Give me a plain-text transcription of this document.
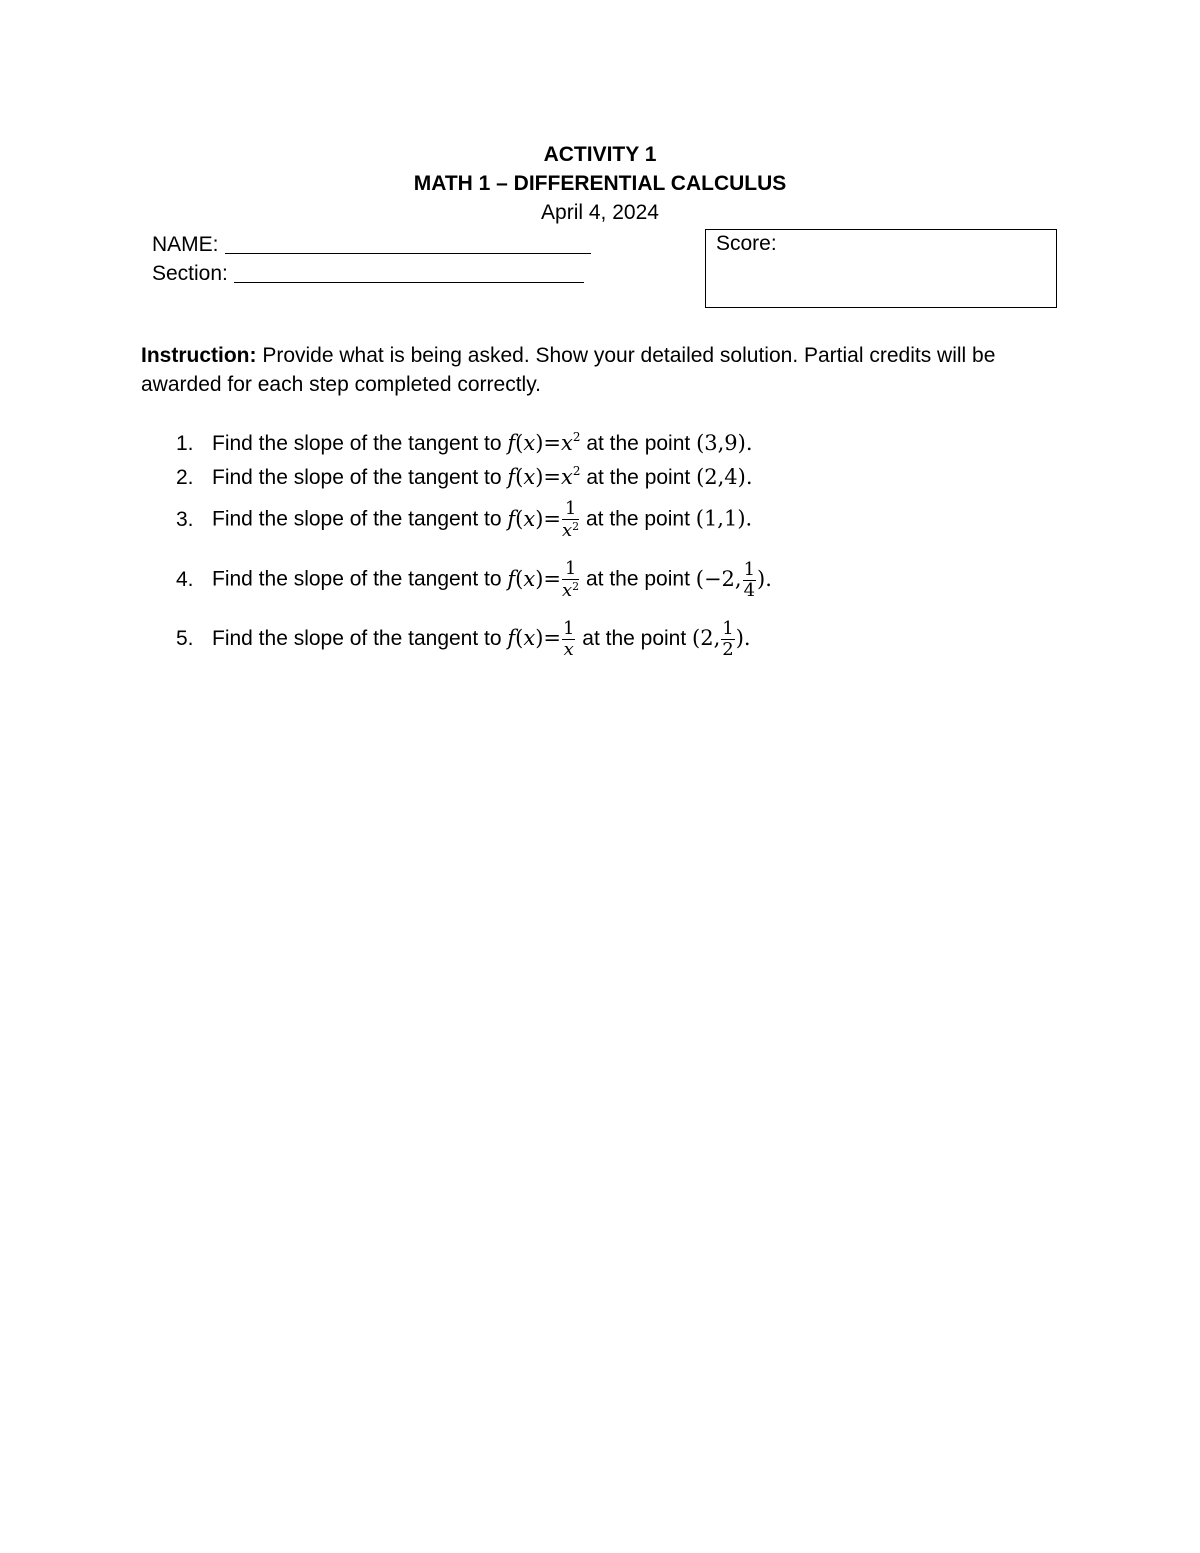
ACTIVITY 1
MATH 1 – DIFFERENTIAL CALCULUS
April 4, 2024
NAME:
Section:
Score:
Instruction: Provide what is being asked. Show your detailed solution. Partial credits will be awarded for each step completed correctly.
1. Find the slope of the tangent to $f(x)=x^2$ at the point (3,9).
2. Find the slope of the tangent to $f(x)=x^2$ at the point (2,4).
3. Find the slope of the tangent to $f(x)= \frac{1}{x^2}$ at the point (1,1).
4. Find the slope of the tangent to $f(x)= \frac{1}{x^2}$ at the point (−2, $\frac{1}{4}$ ).
5. Find the slope of the tangent to $f(x)= \frac{1}{x}$ at the point (2, $\frac{1}{2}$ ).
